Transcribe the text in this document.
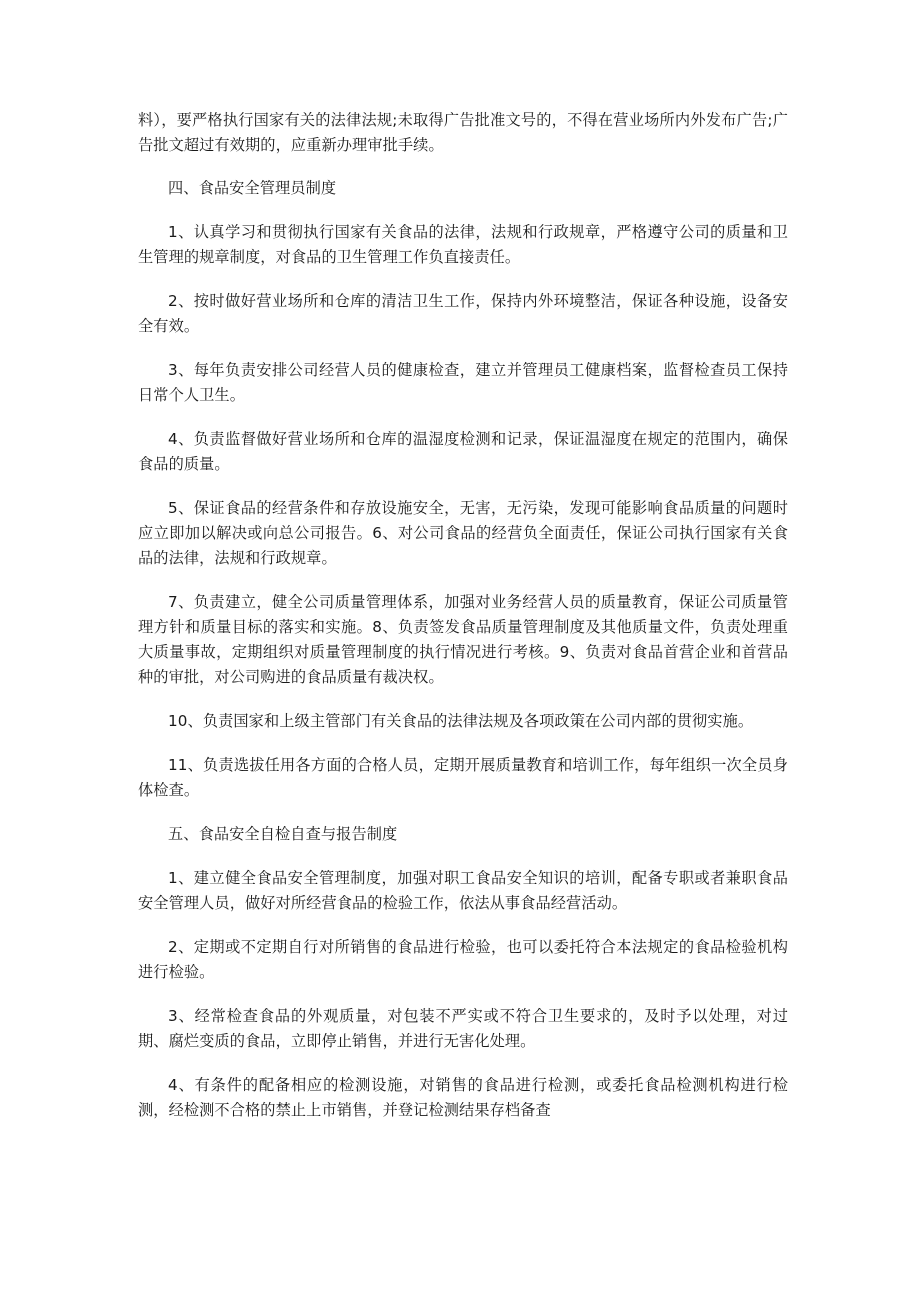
料），要严格执行国家有关的法律法规;未取得广告批准文号的，不得在营业场所内外发布广告;广告批文超过有效期的，应重新办理审批手续。

四、食品安全管理员制度

1、认真学习和贯彻执行国家有关食品的法律，法规和行政规章，严格遵守公司的质量和卫生管理的规章制度，对食品的卫生管理工作负直接责任。

2、按时做好营业场所和仓库的清洁卫生工作，保持内外环境整洁，保证各种设施，设备安全有效。

3、每年负责安排公司经营人员的健康检查，建立并管理员工健康档案，监督检查员工保持日常个人卫生。

4、负责监督做好营业场所和仓库的温湿度检测和记录，保证温湿度在规定的范围内，确保食品的质量。

5、保证食品的经营条件和存放设施安全，无害，无污染，发现可能影响食品质量的问题时应立即加以解决或向总公司报告。6、对公司食品的经营负全面责任，保证公司执行国家有关食品的法律，法规和行政规章。

7、负责建立，健全公司质量管理体系，加强对业务经营人员的质量教育，保证公司质量管理方针和质量目标的落实和实施。8、负责签发食品质量管理制度及其他质量文件，负责处理重大质量事故，定期组织对质量管理制度的执行情况进行考核。9、负责对食品首营企业和首营品种的审批，对公司购进的食品质量有裁决权。

10、负责国家和上级主管部门有关食品的法律法规及各项政策在公司内部的贯彻实施。

11、负责选拔任用各方面的合格人员，定期开展质量教育和培训工作，每年组织一次全员身体检查。

五、食品安全自检自查与报告制度

1、建立健全食品安全管理制度，加强对职工食品安全知识的培训，配备专职或者兼职食品安全管理人员，做好对所经营食品的检验工作，依法从事食品经营活动。

2、定期或不定期自行对所销售的食品进行检验，也可以委托符合本法规定的食品检验机构进行检验。

3、经常检查食品的外观质量，对包装不严实或不符合卫生要求的，及时予以处理，对过期、腐烂变质的食品，立即停止销售，并进行无害化处理。

4、有条件的配备相应的检测设施，对销售的食品进行检测，或委托食品检测机构进行检测，经检测不合格的禁止上市销售，并登记检测结果存档备查
